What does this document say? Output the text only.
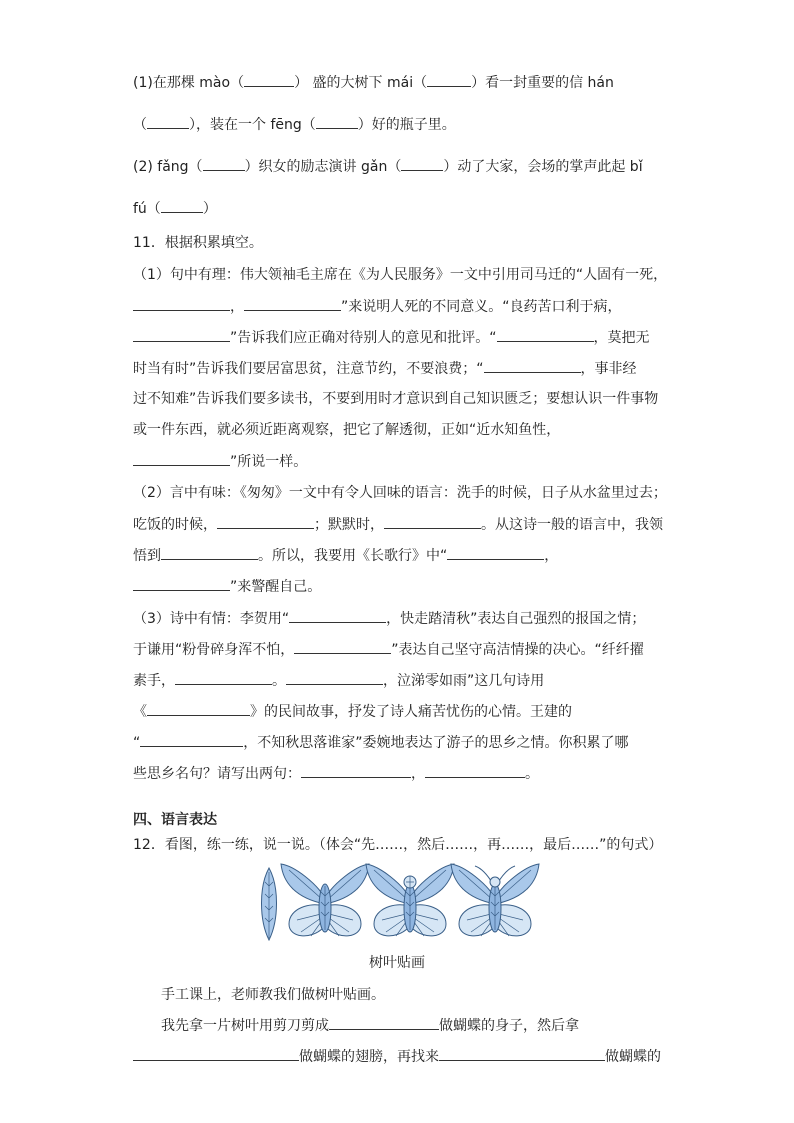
(1)在那棵 mào（	） 盛的大树下 mái（	）看一封重要的信 hán
（	），装在一个 fēng（	）好的瓶子里。
(2) fǎng（	）织女的励志演讲 gǎn（	）动了大家，会场的掌声此起 bǐ
fú（	）
11．根据积累填空。
（1）句中有理：伟大领袖毛主席在《为人民服务》一文中引用司马迁的“人固有一死，
，	”来说明人死的不同意义。“良药苦口利于病，
”告诉我们应正确对待别人的意见和批评。“	，莫把无
时当有时”告诉我们要居富思贫，注意节约，不要浪费；“	，事非经
过不知难”告诉我们要多读书，不要到用时才意识到自己知识匮乏；要想认识一件事物
或一件东西，就必须近距离观察，把它了解透彻，正如“近水知鱼性，
”所说一样。
（2）言中有味：《匆匆》一文中有令人回味的语言：洗手的时候，日子从水盆里过去；
吃饭的时候，	；默默时，	。从这诗一般的语言中，我领
悟到	。所以，我要用《长歌行》中“	，
”来警醒自己。
（3）诗中有情：李贺用“	，快走踏清秋”表达自己强烈的报国之情；
于谦用“粉骨碎身浑不怕，	”表达自己坚守高洁情操的决心。“纤纤擢
素手，	。	，泣涕零如雨”这几句诗用
《	》的民间故事，抒发了诗人痛苦忧伤的心情。王建的
“	，不知秋思落谁家”委婉地表达了游子的思乡之情。你积累了哪
些思乡名句？请写出两句：	，	。
四、语言表达
12．看图，练一练，说一说。（体会“先……，然后……，再……，最后……”的句式）
树叶贴画
手工课上，老师教我们做树叶贴画。
我先拿一片树叶用剪刀剪成	做蝴蝶的身子，然后拿
做蝴蝶的翅膀，再找来	做蝴蝶的
